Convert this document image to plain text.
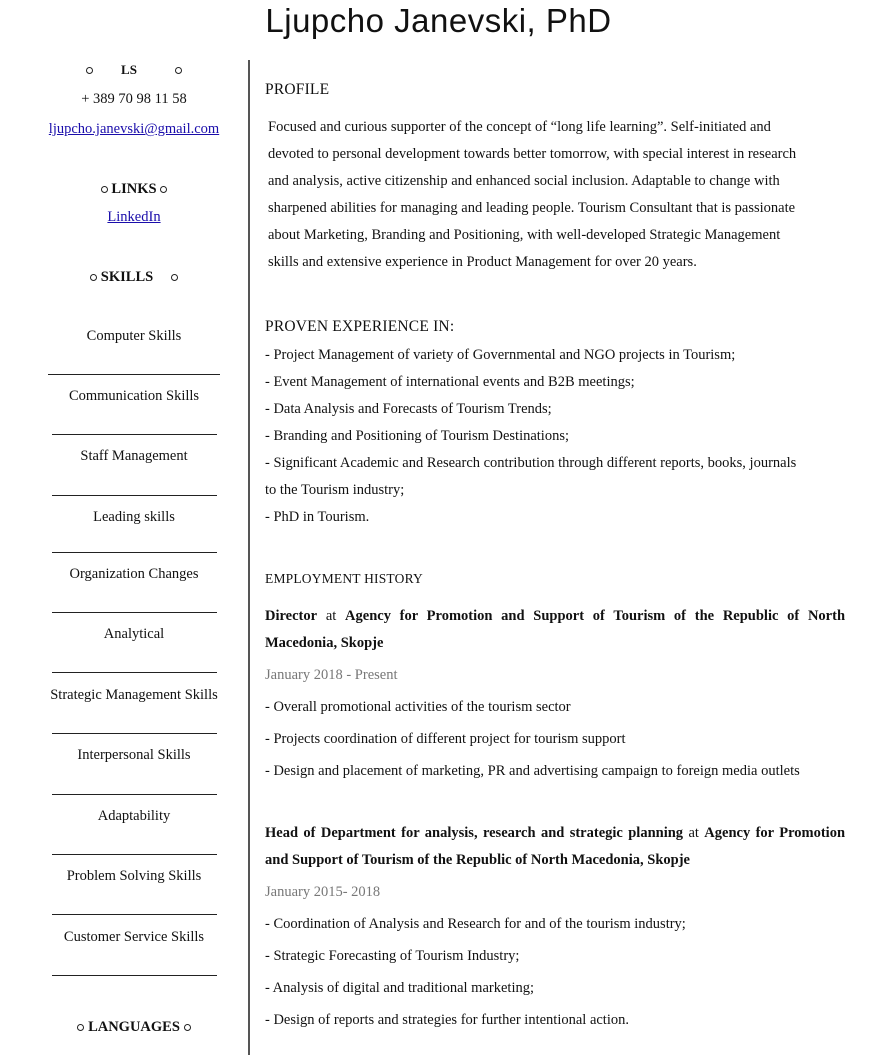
Ljupcho Janevski, PhD
LS
+ 389 70 98 11 58
ljupcho.janevski@gmail.com
LINKS
LinkedIn
SKILLS
Computer Skills
Communication Skills
Staff Management
Leading skills
Organization Changes
Analytical
Strategic Management Skills
Interpersonal Skills
Adaptability
Problem Solving Skills
Customer Service Skills
LANGUAGES
PROFILE
Focused and curious supporter of the concept of “long life learning”. Self-initiated and
devoted to personal development towards better tomorrow, with special interest in research
and analysis, active citizenship and enhanced social inclusion. Adaptable to change with
sharpened abilities for managing and leading people. Tourism Consultant that is passionate
about Marketing, Branding and Positioning, with well-developed Strategic Management
skills and extensive experience in Product Management for over 20 years.
PROVEN EXPERIENCE IN:
- Project Management of variety of Governmental and NGO projects in Tourism;
- Event Management of international events and B2B meetings;
- Data Analysis and Forecasts of Tourism Trends;
- Branding and Positioning of Tourism Destinations;
- Significant Academic and Research contribution through different reports, books, journals
to the Tourism industry;
- PhD in Tourism.
EMPLOYMENT HISTORY
Director at Agency for Promotion and Support of Tourism of the Republic of North
Macedonia, Skopje
January 2018 - Present
- Overall promotional activities of the tourism sector
- Projects coordination of different project for tourism support
- Design and placement of marketing, PR and advertising campaign to foreign media outlets
Head of Department for analysis, research and strategic planning at Agency for Promotion
and Support of Tourism of the Republic of North Macedonia, Skopje
January 2015- 2018
- Coordination of Analysis and Research for and of the tourism industry;
- Strategic Forecasting of Tourism Industry;
- Analysis of digital and traditional marketing;
- Design of reports and strategies for further intentional action.
